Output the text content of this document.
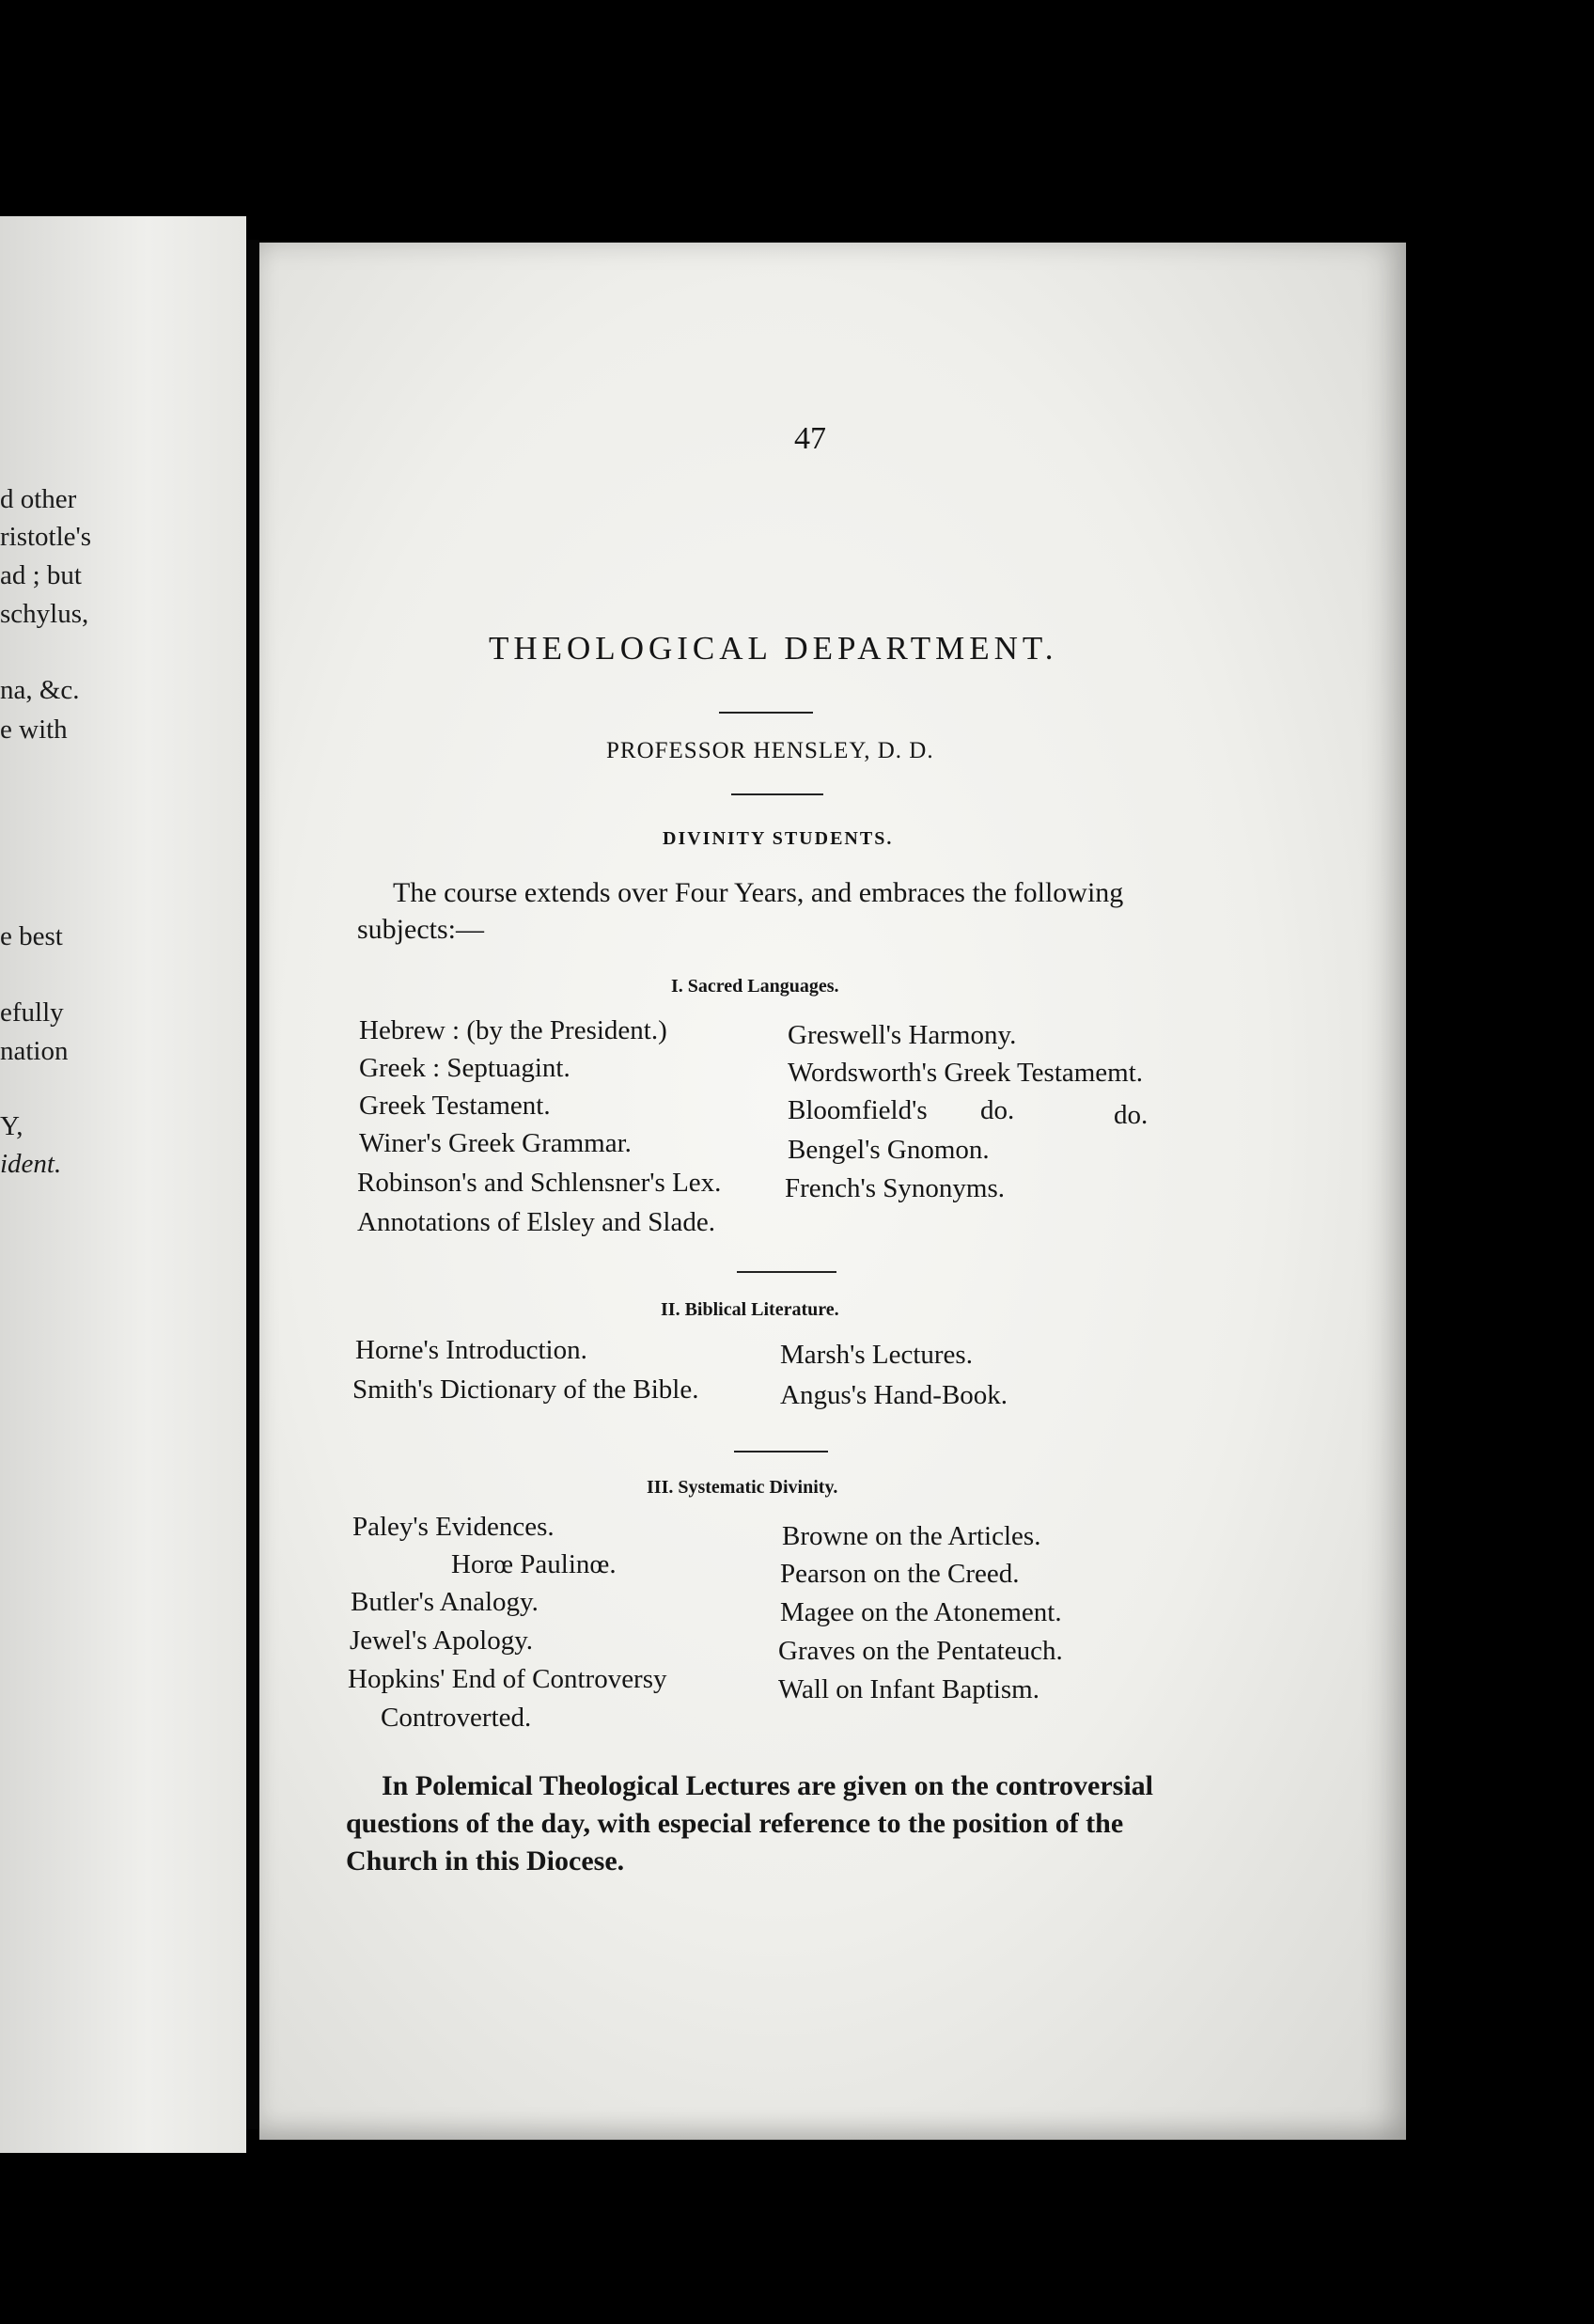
d other
ristotle's
ad ; but
schylus,
na, &c.
e with
e best
efully
nation
Y,
ident.
47
THEOLOGICAL DEPARTMENT.
PROFESSOR HENSLEY, D. D.
DIVINITY STUDENTS.
The course extends over Four Years, and embraces the following subjects:—
I. Sacred Languages.
Hebrew : (by the President.)
Greek : Septuagint.
Greek Testament.
Winer's Greek Grammar.
Robinson's and Schlensner's Lex.
Annotations of Elsley and Slade.
Greswell's Harmony.
Wordsworth's Greek Testamemt.
Bloomfield's do.	do.
Bengel's Gnomon.
French's Synonyms.
II. Biblical Literature.
Horne's Introduction.
Smith's Dictionary of the Bible.
Marsh's Lectures.
Angus's Hand-Book.
III. Systematic Divinity.
Paley's Evidences.
Horœ Paulinœ.
Butler's Analogy.
Jewel's Apology.
Hopkins' End of Controversy
Controverted.
Browne on the Articles.
Pearson on the Creed.
Magee on the Atonement.
Graves on the Pentateuch.
Wall on Infant Baptism.
In Polemical Theological Lectures are given on the controversial questions of the day, with especial reference to the position of the Church in this Diocese.
